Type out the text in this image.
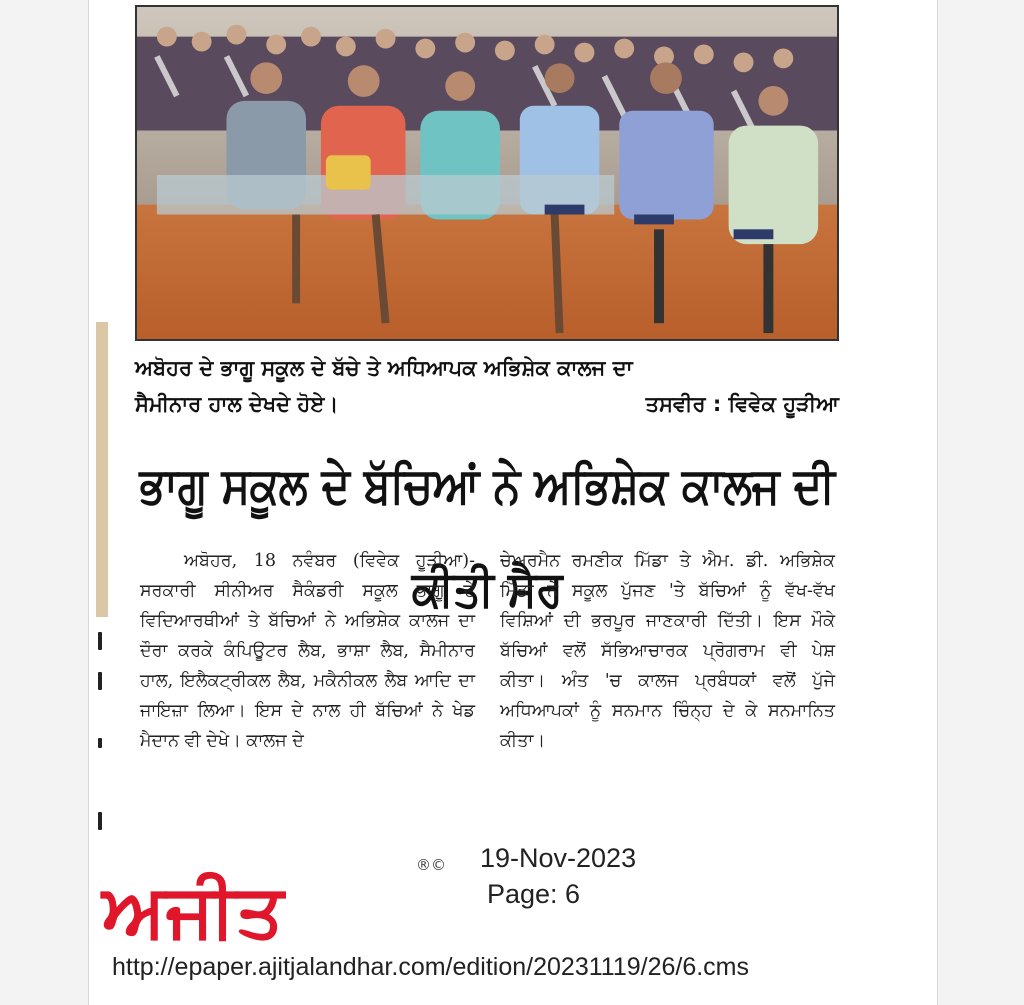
ਅਬੋਹਰ ਦੇ ਭਾਗੂ ਸਕੂਲ ਦੇ ਬੱਚੇ ਤੇ ਅਧਿਆਪਕ ਅਭਿਸ਼ੇਕ ਕਾਲਜ ਦਾ
ਸੈਮੀਨਾਰ ਹਾਲ ਦੇਖਦੇ ਹੋਏ।	ਤਸਵੀਰ : ਵਿਵੇਕ ਹੂੜੀਆ
ਭਾਗੂ ਸਕੂਲ ਦੇ ਬੱਚਿਆਂ ਨੇ ਅਭਿਸ਼ੇਕ ਕਾਲਜ ਦੀ ਕੀਤੀ ਸੈਰ

ਅਬੋਹਰ, 18 ਨਵੰਬਰ (ਵਿਵੇਕ ਹੂੜੀਆ)-ਸਰਕਾਰੀ ਸੀਨੀਅਰ ਸੈਕੰਡਰੀ ਸਕੂਲ ਭਾਗੂ ਦੇ ਵਿਦਿਆਰਥੀਆਂ ਤੇ ਬੱਚਿਆਂ ਨੇ ਅਭਿਸ਼ੇਕ ਕਾਲਜ ਦਾ ਦੌਰਾ ਕਰਕੇ ਕੰਪਿਊਟਰ ਲੈਬ, ਭਾਸ਼ਾ ਲੈਬ, ਸੈਮੀਨਾਰ ਹਾਲ, ਇਲੈਕਟ੍ਰੀਕਲ ਲੈਬ, ਮਕੈਨੀਕਲ ਲੈਬ ਆਦਿ ਦਾ ਜਾਇਜ਼ਾ ਲਿਆ। ਇਸ ਦੇ ਨਾਲ ਹੀ ਬੱਚਿਆਂ ਨੇ ਖੇਡ ਮੈਦਾਨ ਵੀ ਦੇਖੇ। ਕਾਲਜ ਦੇ

ਚੇਅਰਮੈਨ ਰਮਣੀਕ ਮਿੱਡਾ ਤੇ ਐਮ. ਡੀ. ਅਭਿਸ਼ੇਕ ਮਿੱਡਾ ਨੇ ਸਕੂਲ ਪੁੱਜਣ 'ਤੇ ਬੱਚਿਆਂ ਨੂੰ ਵੱਖ-ਵੱਖ ਵਿਸ਼ਿਆਂ ਦੀ ਭਰਪੂਰ ਜਾਣਕਾਰੀ ਦਿੱਤੀ। ਇਸ ਮੌਕੇ ਬੱਚਿਆਂ ਵਲੋਂ ਸੱਭਿਆਚਾਰਕ ਪ੍ਰੋਗਰਾਮ ਵੀ ਪੇਸ਼ ਕੀਤਾ। ਅੰਤ 'ਚ ਕਾਲਜ ਪ੍ਰਬੰਧਕਾਂ ਵਲੋਂ ਪੁੱਜੇ ਅਧਿਆਪਕਾਂ ਨੂੰ ਸਨਮਾਨ ਚਿੰਨ੍ਹ ਦੇ ਕੇ ਸਨਮਾਨਿਤ ਕੀਤਾ।

ਅਜੀਤ
®© 19-Nov-2023
Page: 6
http://epaper.ajitjalandhar.com/edition/20231119/26/6.cms
